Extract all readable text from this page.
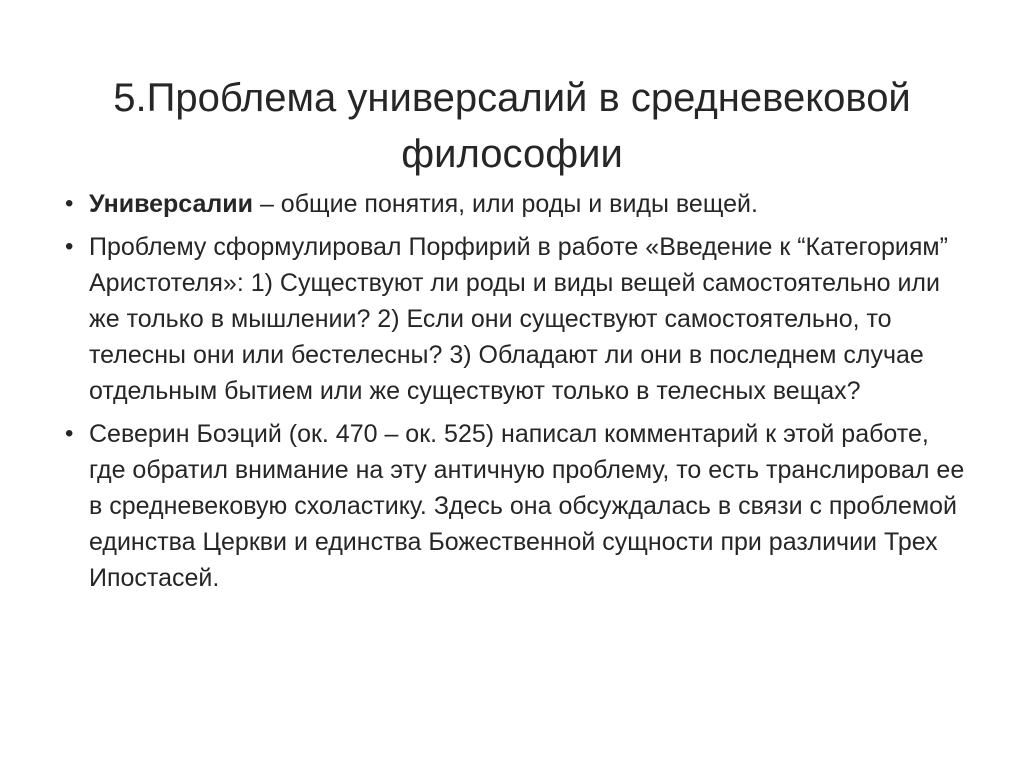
5.Проблема универсалий в средневековой философии
• Универсалии – общие понятия, или роды и виды вещей.
• Проблему сформулировал Порфирий в работе «Введение к “Категориям” Аристотеля»: 1) Существуют ли роды и виды вещей самостоятельно или же только в мышлении? 2) Если они существуют самостоятельно, то телесны они или бестелесны? 3) Обладают ли они в последнем случае отдельным бытием или же существуют только в телесных вещах?
• Северин Боэций (ок. 470 – ок. 525) написал комментарий к этой работе, где обратил внимание на эту античную проблему, то есть транслировал ее в средневековую схоластику. Здесь она обсуждалась в связи с проблемой единства Церкви и единства Божественной сущности при различии Трех Ипостасей.
